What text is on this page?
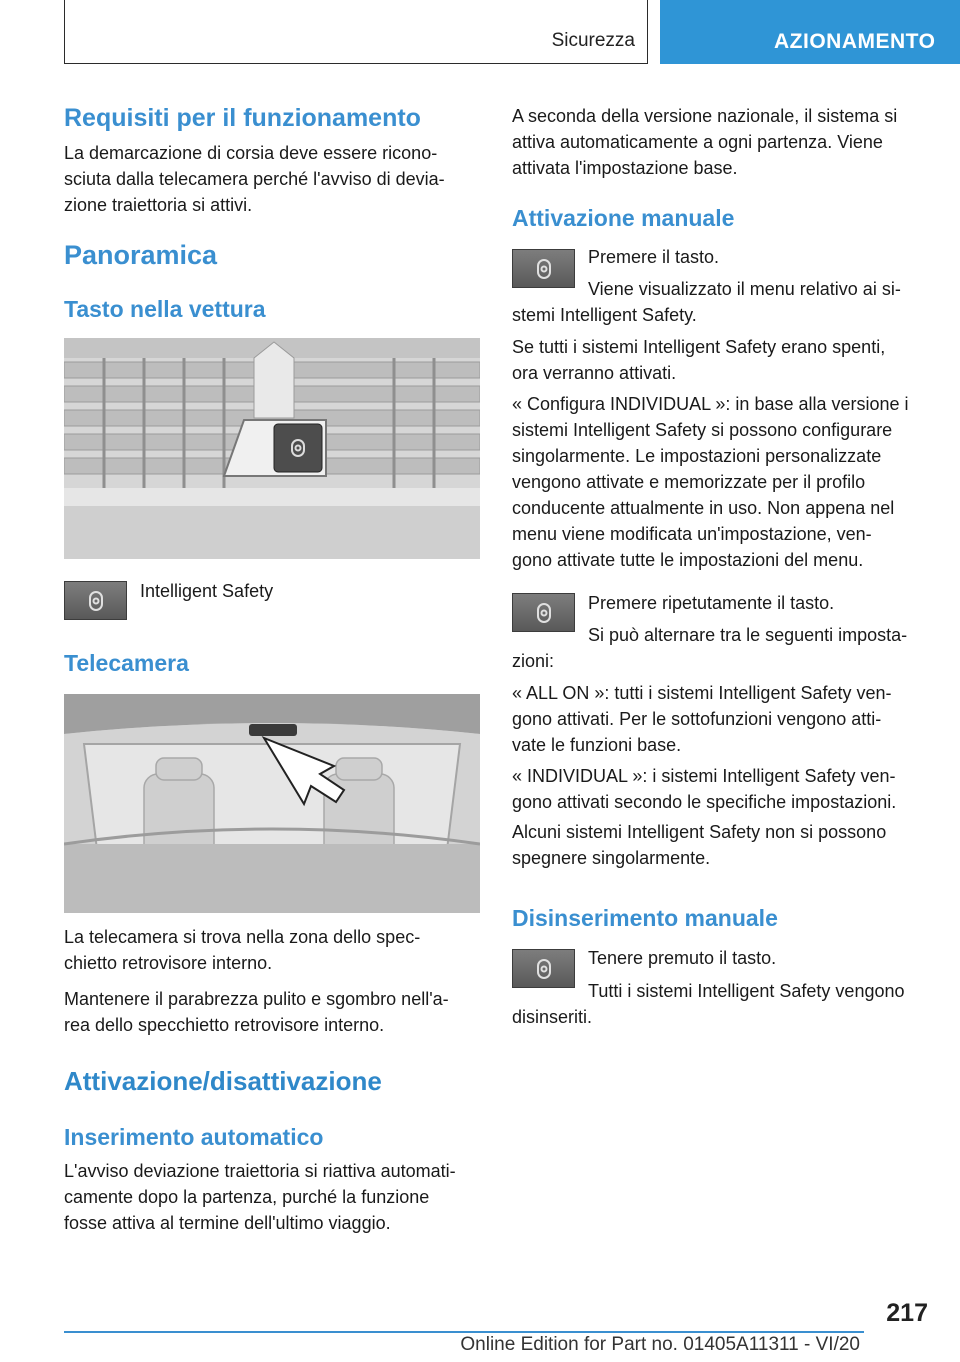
Sicurezza	AZIONAMENTO
Requisiti per il funzionamento
La demarcazione di corsia deve essere ricono-
sciuta dalla telecamera perché l'avviso di devia-
zione traiettoria si attivi.
Panoramica
Tasto nella vettura
Intelligent Safety
Telecamera
La telecamera si trova nella zona dello spec-
chietto retrovisore interno.
Mantenere il parabrezza pulito e sgombro nell'a-
rea dello specchietto retrovisore interno.
Attivazione/disattivazione
Inserimento automatico
L'avviso deviazione traiettoria si riattiva automati-
camente dopo la partenza, purché la funzione
fosse attiva al termine dell'ultimo viaggio.
A seconda della versione nazionale, il sistema si
attiva automaticamente a ogni partenza. Viene
attivata l'impostazione base.
Attivazione manuale
Premere il tasto.
Viene visualizzato il menu relativo ai si-
stemi Intelligent Safety.
Se tutti i sistemi Intelligent Safety erano spenti,
ora verranno attivati.
« Configura INDIVIDUAL »: in base alla versione i
sistemi Intelligent Safety si possono configurare
singolarmente. Le impostazioni personalizzate
vengono attivate e memorizzate per il profilo
conducente attualmente in uso. Non appena nel
menu viene modificata un'impostazione, ven-
gono attivate tutte le impostazioni del menu.
Premere ripetutamente il tasto.
Si può alternare tra le seguenti imposta-
zioni:
« ALL ON »: tutti i sistemi Intelligent Safety ven-
gono attivati. Per le sottofunzioni vengono atti-
vate le funzioni base.
« INDIVIDUAL »: i sistemi Intelligent Safety ven-
gono attivati secondo le specifiche impostazioni.
Alcuni sistemi Intelligent Safety non si possono
spegnere singolarmente.
Disinserimento manuale
Tenere premuto il tasto.
Tutti i sistemi Intelligent Safety vengono
disinseriti.
217
Online Edition for Part no. 01405A11311 - VI/20
